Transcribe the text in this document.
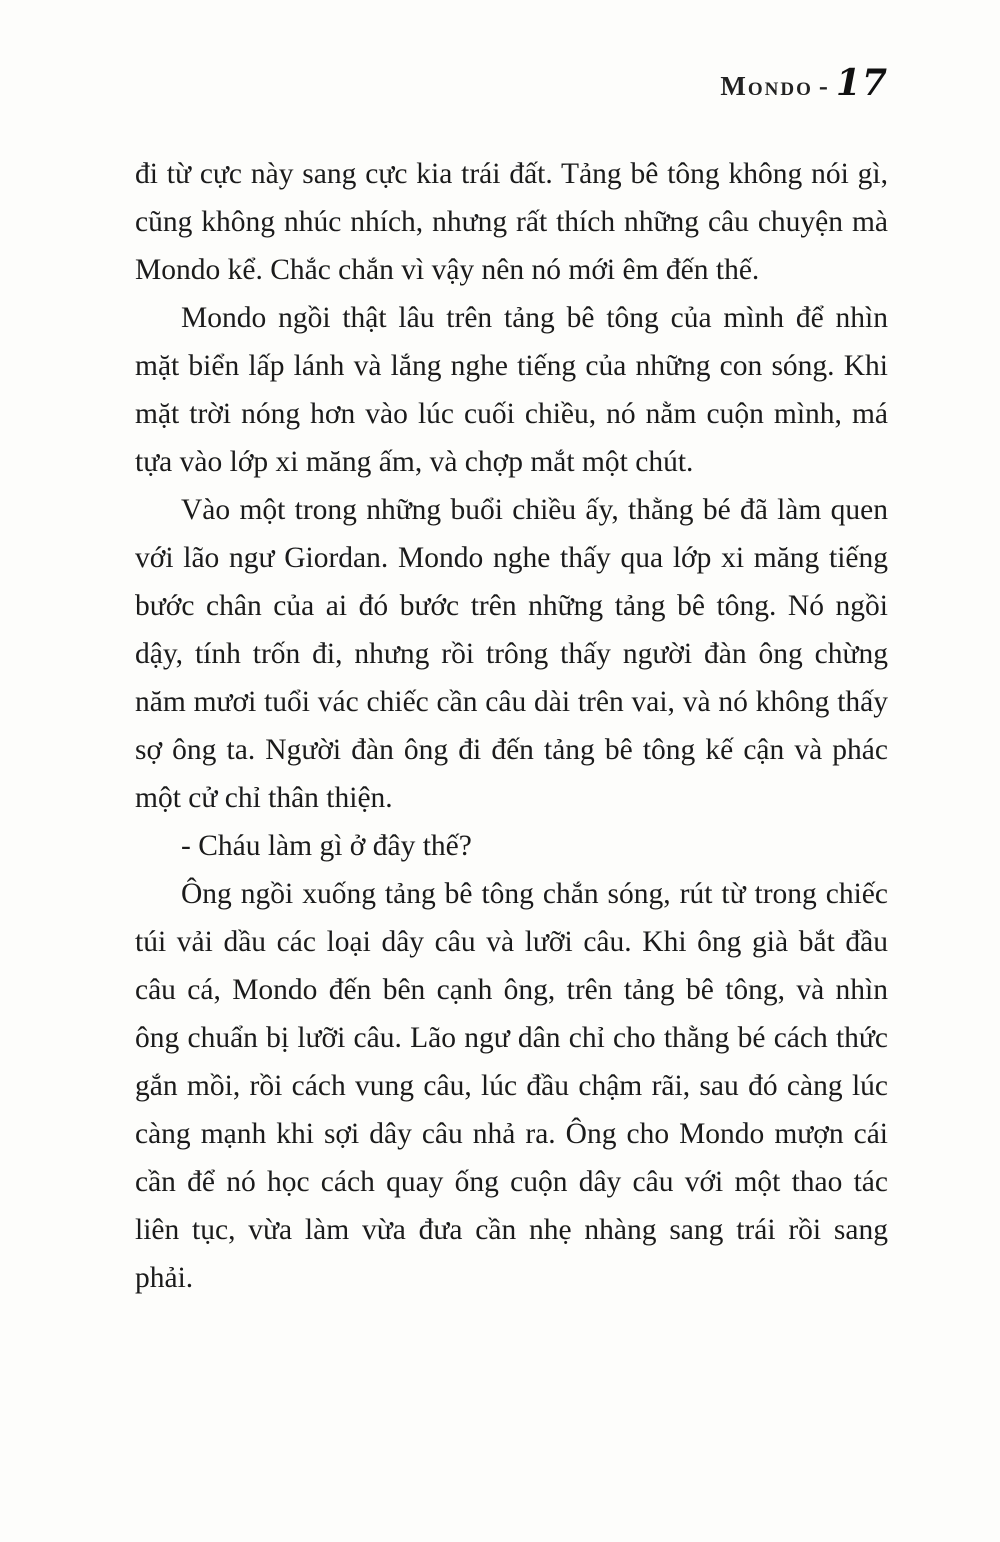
Mondo - 17

đi từ cực này sang cực kia trái đất. Tảng bê tông không nói gì, cũng không nhúc nhích, nhưng rất thích những câu chuyện mà Mondo kể. Chắc chắn vì vậy nên nó mới êm đến thế.

Mondo ngồi thật lâu trên tảng bê tông của mình để nhìn mặt biển lấp lánh và lắng nghe tiếng của những con sóng. Khi mặt trời nóng hơn vào lúc cuối chiều, nó nằm cuộn mình, má tựa vào lớp xi măng ấm, và chợp mắt một chút.

Vào một trong những buổi chiều ấy, thằng bé đã làm quen với lão ngư Giordan. Mondo nghe thấy qua lớp xi măng tiếng bước chân của ai đó bước trên những tảng bê tông. Nó ngồi dậy, tính trốn đi, nhưng rồi trông thấy người đàn ông chừng năm mươi tuổi vác chiếc cần câu dài trên vai, và nó không thấy sợ ông ta. Người đàn ông đi đến tảng bê tông kế cận và phác một cử chỉ thân thiện.

- Cháu làm gì ở đây thế?

Ông ngồi xuống tảng bê tông chắn sóng, rút từ trong chiếc túi vải dầu các loại dây câu và lưỡi câu. Khi ông già bắt đầu câu cá, Mondo đến bên cạnh ông, trên tảng bê tông, và nhìn ông chuẩn bị lưỡi câu. Lão ngư dân chỉ cho thằng bé cách thức gắn mồi, rồi cách vung câu, lúc đầu chậm rãi, sau đó càng lúc càng mạnh khi sợi dây câu nhả ra. Ông cho Mondo mượn cái cần để nó học cách quay ống cuộn dây câu với một thao tác liên tục, vừa làm vừa đưa cần nhẹ nhàng sang trái rồi sang phải.
